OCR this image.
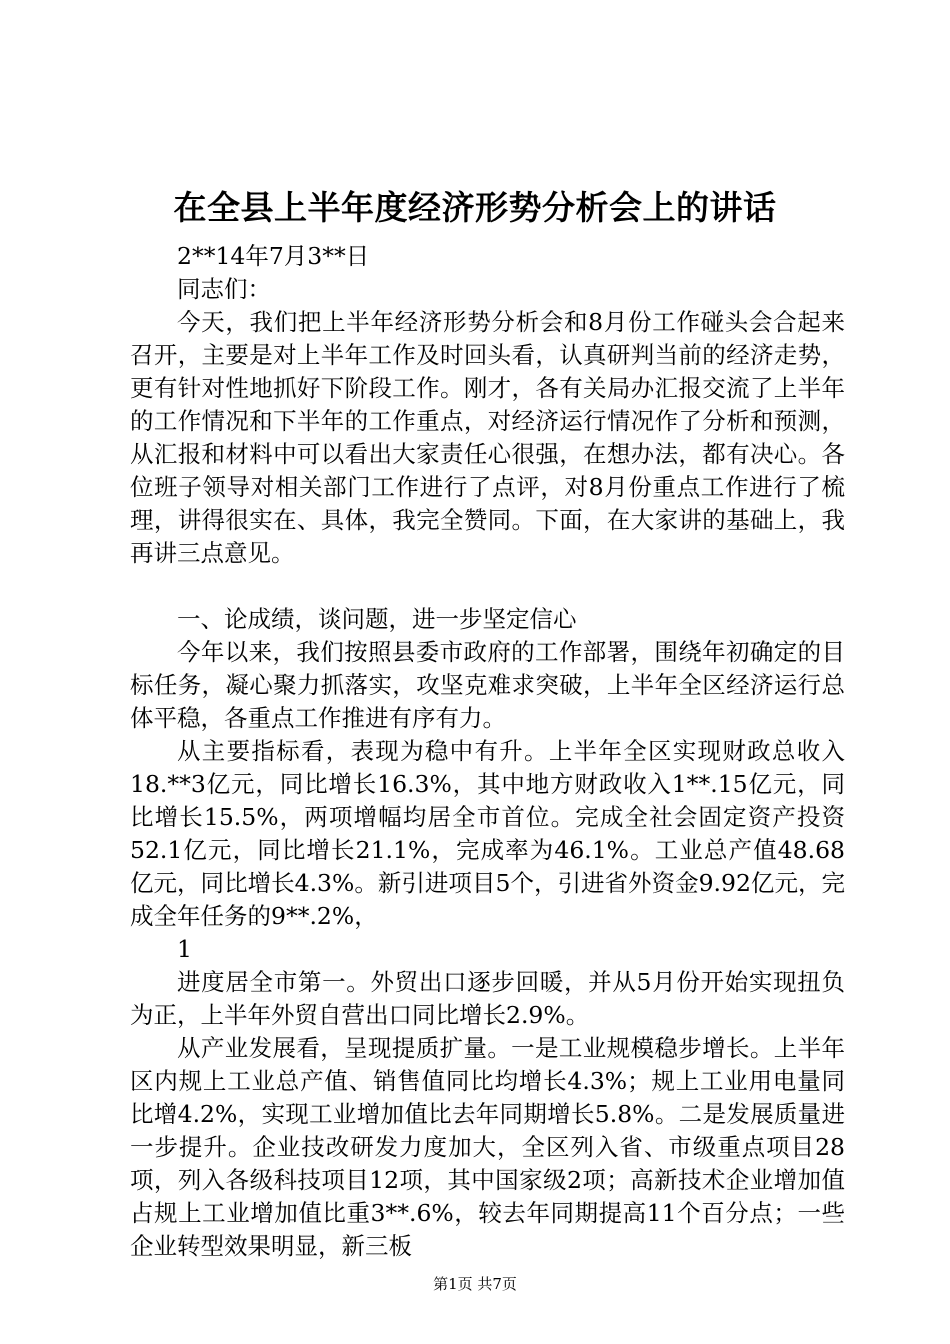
在全县上半年度经济形势分析会上的讲话

2**14年7月3**日

同志们：

今天，我们把上半年经济形势分析会和8月份工作碰头会合起来召开，主要是对上半年工作及时回头看，认真研判当前的经济走势，更有针对性地抓好下阶段工作。刚才，各有关局办汇报交流了上半年的工作情况和下半年的工作重点，对经济运行情况作了分析和预测，从汇报和材料中可以看出大家责任心很强，在想办法，都有决心。各位班子领导对相关部门工作进行了点评，对8月份重点工作进行了梳理，讲得很实在、具体，我完全赞同。下面，在大家讲的基础上，我再讲三点意见。

一、论成绩，谈问题，进一步坚定信心

今年以来，我们按照县委市政府的工作部署，围绕年初确定的目标任务，凝心聚力抓落实，攻坚克难求突破，上半年全区经济运行总体平稳，各重点工作推进有序有力。

从主要指标看，表现为稳中有升。上半年全区实现财政总收入18.**3亿元，同比增长16.3%，其中地方财政收入1**.15亿元，同比增长15.5%，两项增幅均居全市首位。完成全社会固定资产投资52.1亿元，同比增长21.1%，完成率为46.1%。工业总产值48.68亿元，同比增长4.3%。新引进项目5个，引进省外资金9.92亿元，完成全年任务的9**.2%，

1

进度居全市第一。外贸出口逐步回暖，并从5月份开始实现扭负为正，上半年外贸自营出口同比增长2.9%。

从产业发展看，呈现提质扩量。一是工业规模稳步增长。上半年区内规上工业总产值、销售值同比均增长4.3%；规上工业用电量同比增4.2%，实现工业增加值比去年同期增长5.8%。二是发展质量进一步提升。企业技改研发力度加大，全区列入省、市级重点项目28项，列入各级科技项目12项，其中国家级2项；高新技术企业增加值占规上工业增加值比重3**.6%，较去年同期提高11个百分点；一些企业转型效果明显，新三板

第1页 共7页
